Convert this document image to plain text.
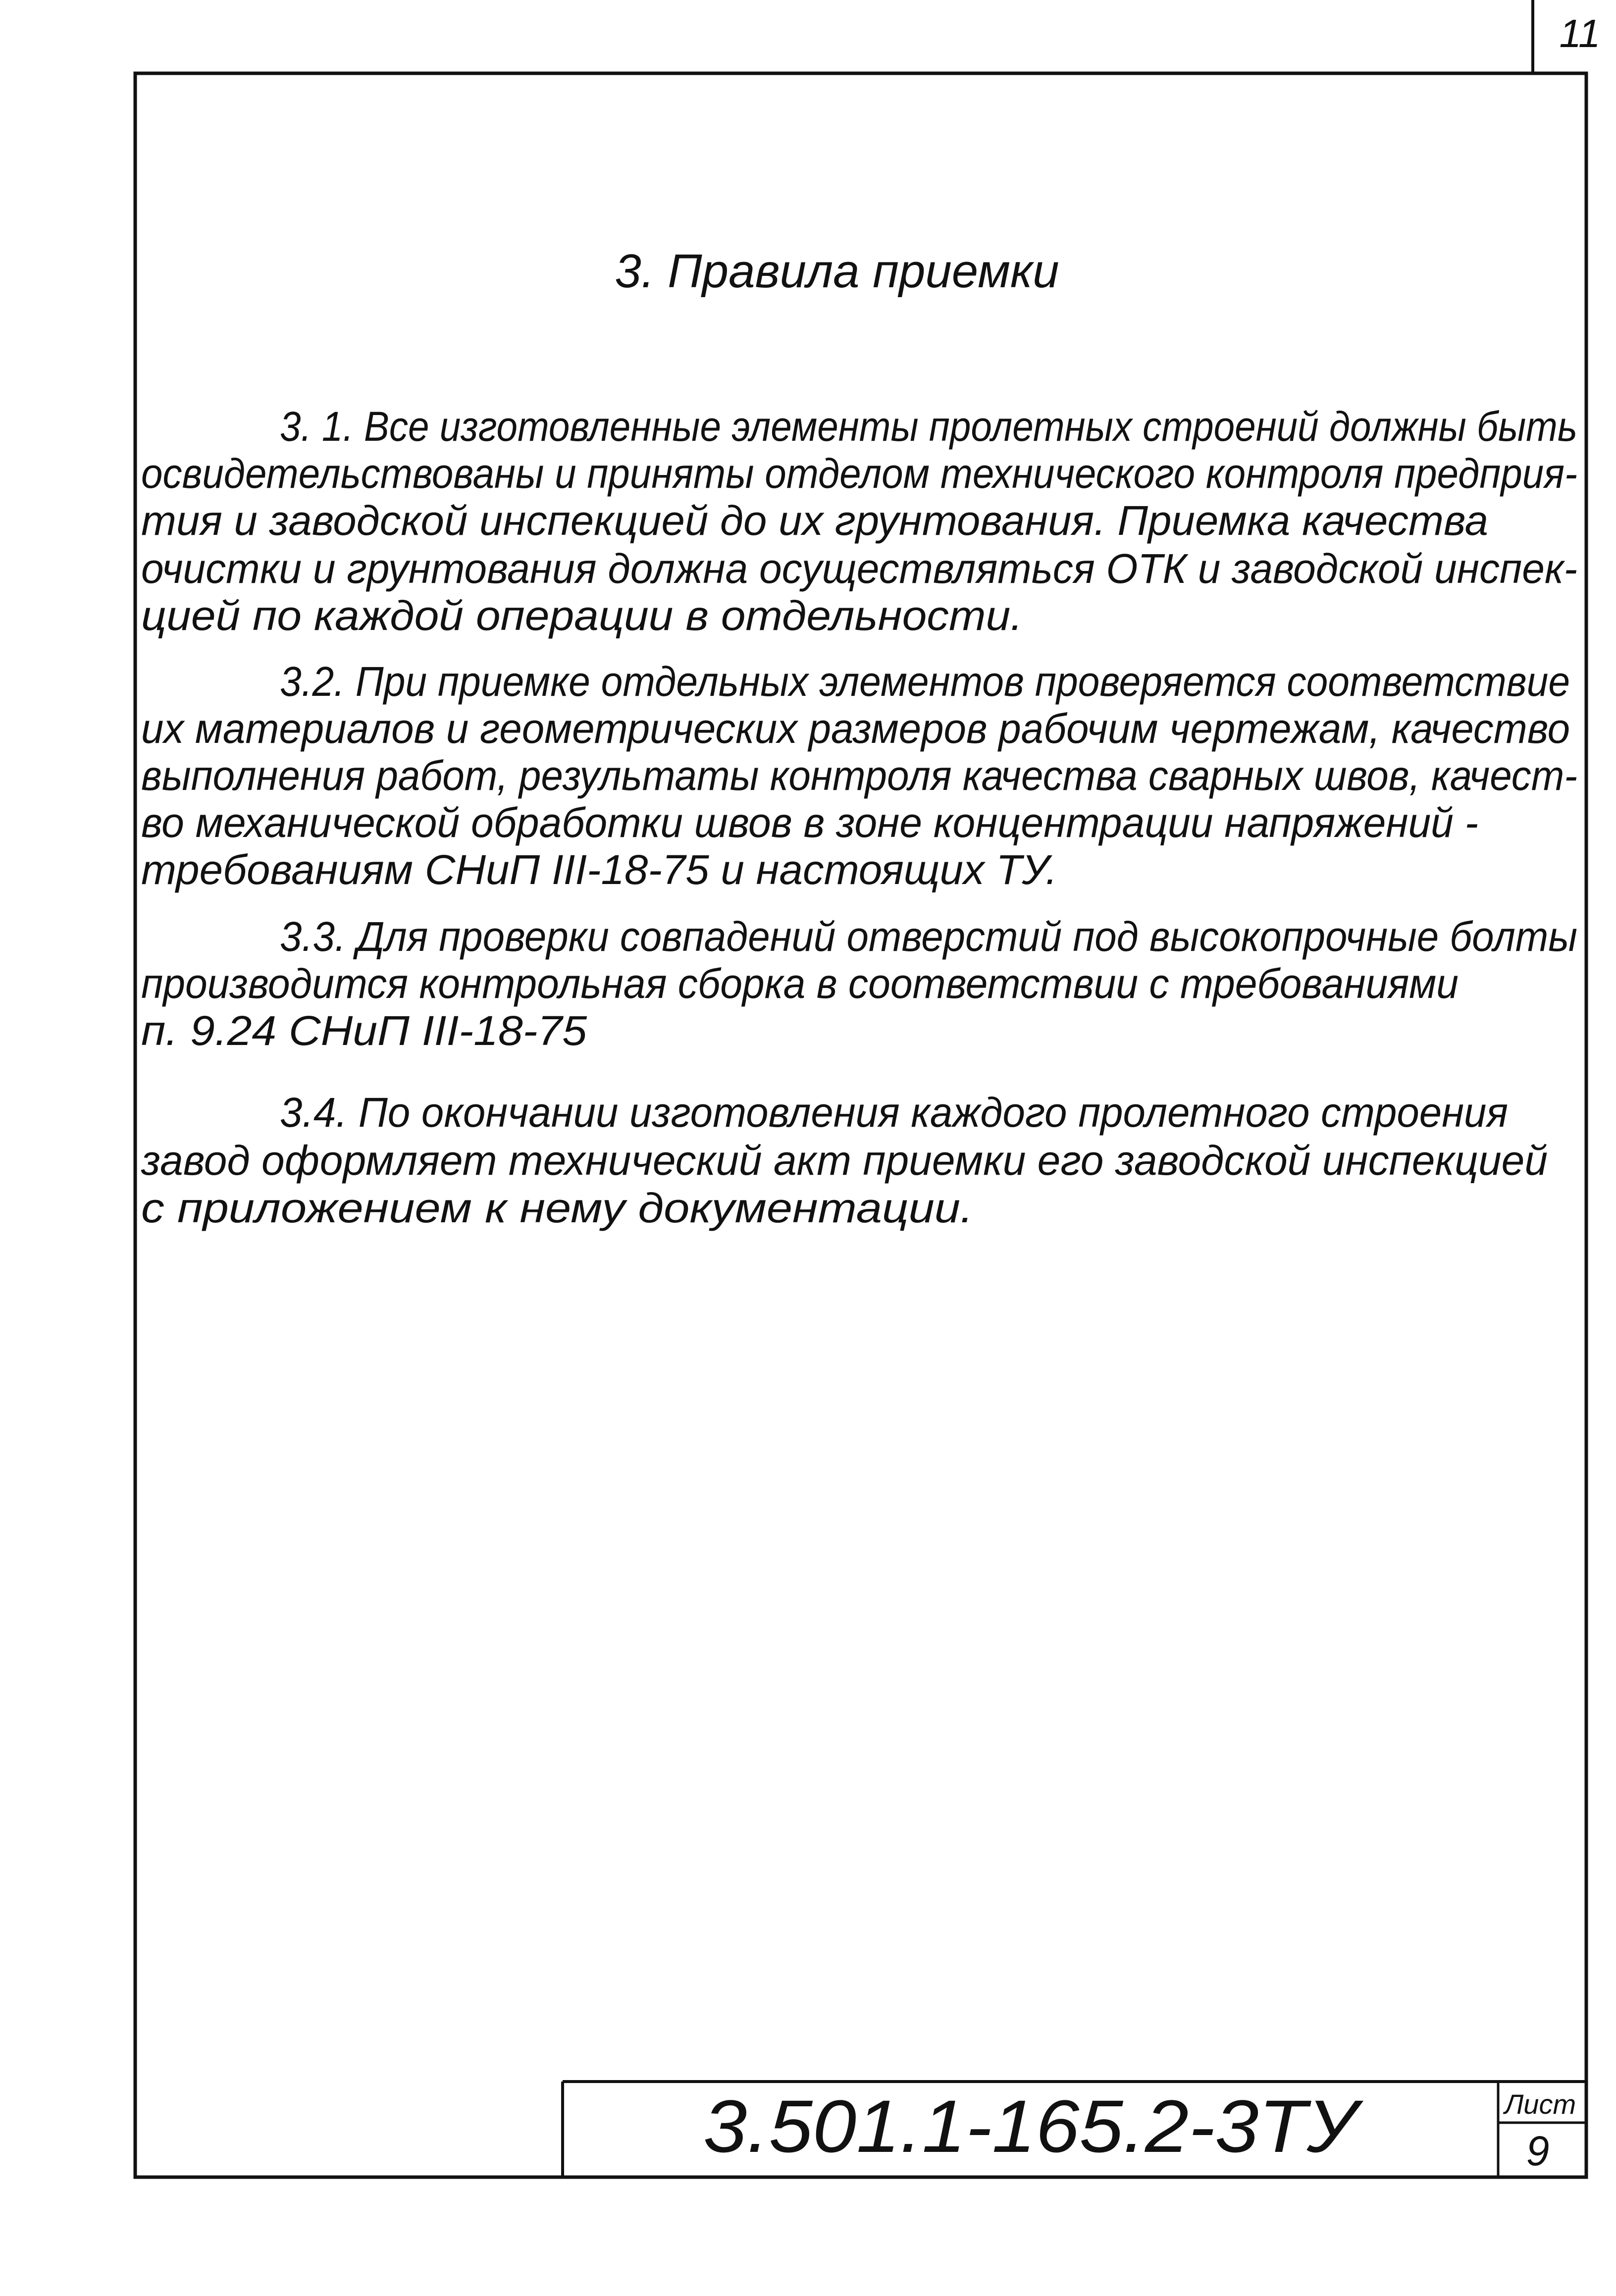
11
3. Правила приемки
3. 1. Все изготовленные элементы пролетных строений должны быть
освидетельствованы и приняты отделом технического контроля предприя-
тия и заводской инспекцией до их грунтования. Приемка качества
очистки и грунтования должна осуществляться ОТК и заводской инспек-
цией по каждой операции в отдельности.
3.2. При приемке отдельных элементов проверяется соответствие
их материалов и геометрических размеров рабочим чертежам, качество
выполнения работ, результаты контроля качества сварных швов, качест-
во механической обработки швов в зоне концентрации напряжений -
требованиям СНиП III-18-75 и настоящих ТУ.
3.3. Для проверки совпадений отверстий под высокопрочные болты
производится контрольная сборка в соответствии с требованиями
п. 9.24 СНиП III-18-75
3.4. По окончании изготовления каждого пролетного строения
завод оформляет технический акт приемки его заводской инспекцией
с приложением к нему документации.
3.501.1-165.2-3ТУ	Лист
9
